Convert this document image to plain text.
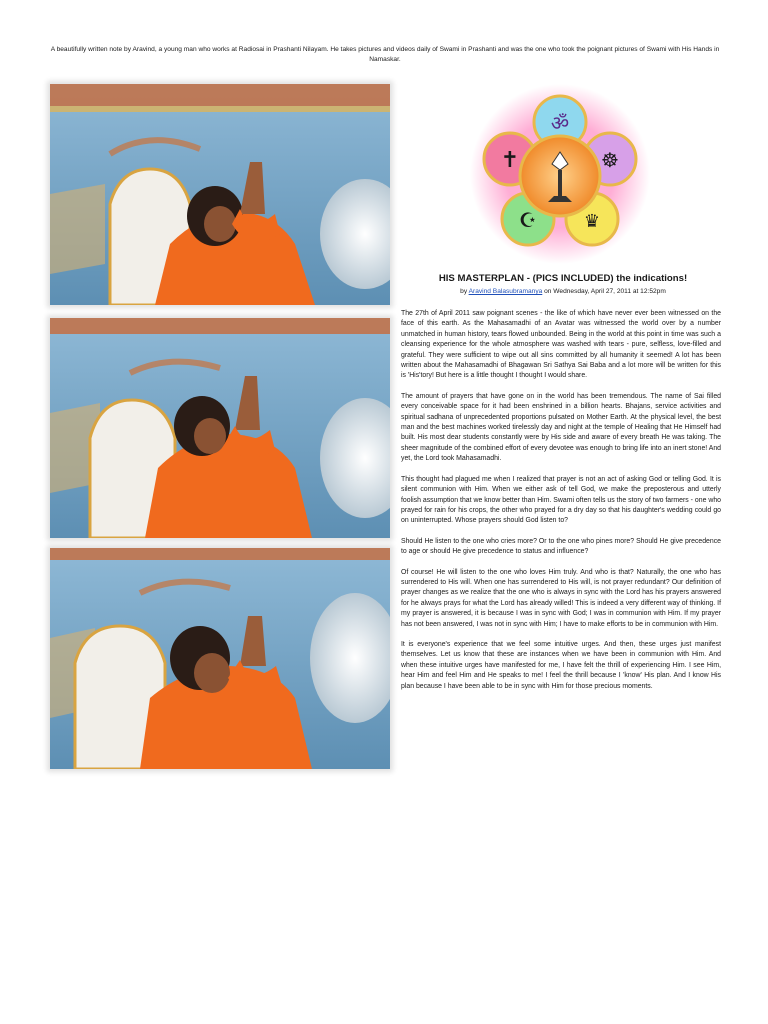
A beautifully written note by Aravind, a young man who works at Radiosai in Prashanti Nilayam. He takes pictures and videos daily of Swami in Prashanti and was the one who took the poignant pictures of Swami with His Hands in Namaskar.
ॐ
✝	☸
☪	♛
HIS MASTERPLAN - (PICS INCLUDED) the indications!
by Aravind Balasubramanya on Wednesday, April 27, 2011 at 12:52pm

The 27th of April 2011 saw poignant scenes - the like of which have never ever been witnessed on the face of this earth. As the Mahasamadhi of an Avatar was witnessed the world over by a number unmatched in human history, tears flowed unbounded. Being in the world at this point in time was such a cleansing experience for the whole atmosphere was washed with tears - pure, selfless, love-filled and grateful. They were sufficient to wipe out all sins committed by all humanity it seemed! A lot has been written about the Mahasamadhi of Bhagawan Sri Sathya Sai Baba and a lot more will be written for this is 'His'tory! But here is a little thought I thought I would share.

The amount of prayers that have gone on in the world has been tremendous. The name of Sai filled every conceivable space for it had been enshrined in a billion hearts. Bhajans, service activities and spiritual sadhana of unprecedented proportions pulsated on Mother Earth. At the physical level, the best man and the best machines worked tirelessly day and night at the temple of Healing that He Himself had built. His most dear students constantly were by His side and aware of every breath He was taking. The sheer magnitude of the combined effort of every devotee was enough to bring life into an inert stone! And yet, the Lord took Mahasamadhi.

This thought had plagued me when I realized that prayer is not an act of asking God or telling God. It is silent communion with Him. When we either ask of tell God, we make the preposterous and utterly foolish assumption that we know better than Him. Swami often tells us the story of two farmers - one who prayed for rain for his crops, the other who prayed for a dry day so that his daughter's wedding could go on uninterrupted. Whose prayers should God listen to?

Should He listen to the one who cries more? Or to the one who pines more? Should He give precedence to age or should He give precedence to status and influence?

Of course! He will listen to the one who loves Him truly. And who is that? Naturally, the one who has surrendered to His will. When one has surrendered to His will, is not prayer redundant? Our definition of prayer changes as we realize that the one who is always in sync with the Lord has his prayers answered for he always prays for what the Lord has already willed! This is indeed a very different way of thinking. If my prayer is answered, it is because I was in sync with God; I was in communion with Him. If my prayer has not been answered, I was not in sync with Him; I have to make efforts to be in communion with Him.

It is everyone's experience that we feel some intuitive urges. And then, these urges just manifest themselves. Let us know that these are instances when we have been in communion with Him. And when these intuitive urges have manifested for me, I have felt the thrill of experiencing Him. I see Him, hear Him and feel Him and He speaks to me! I feel the thrill because I 'know' His plan. And I know His plan because I have been able to be in sync with Him for those precious moments.
